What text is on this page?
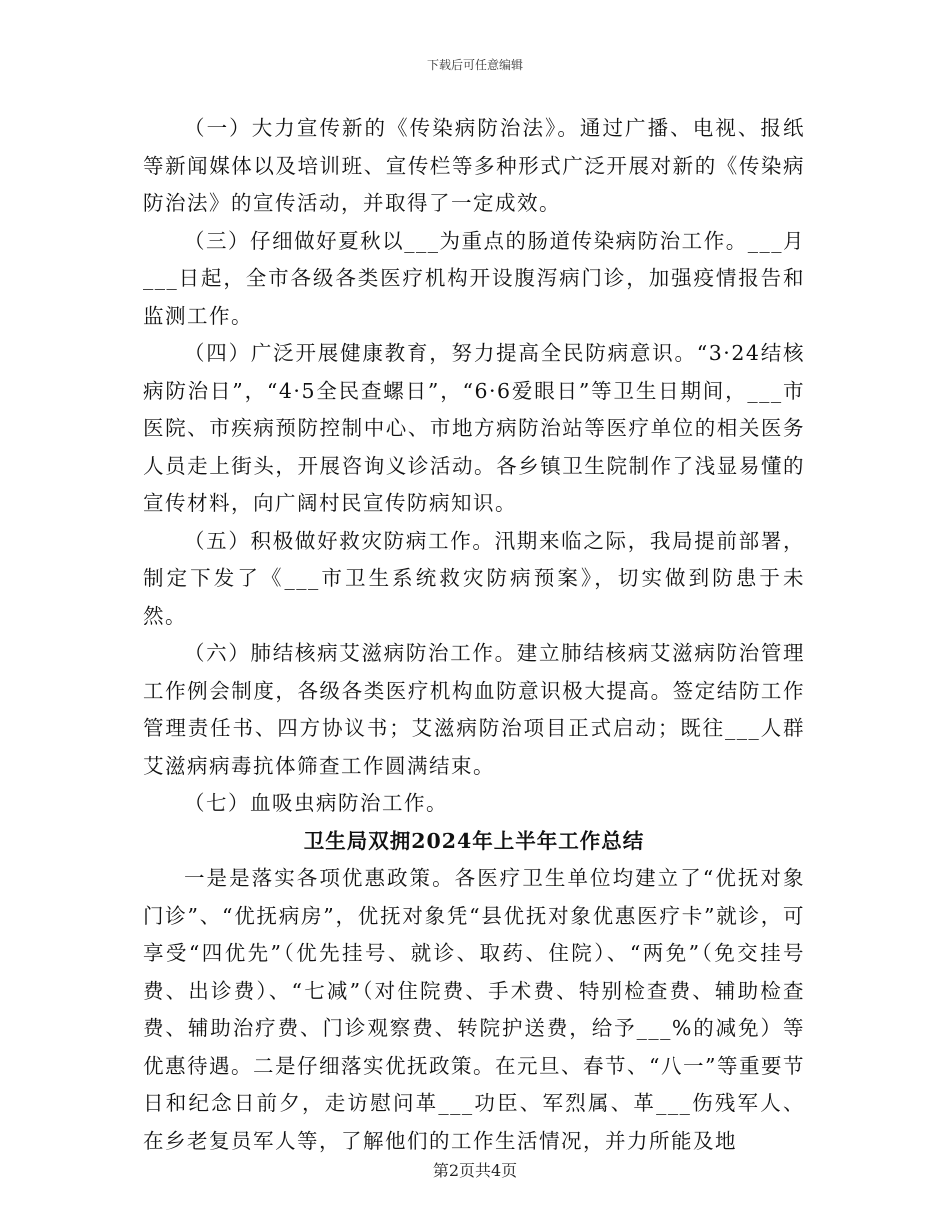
下载后可任意编辑

（一）大力宣传新的《传染病防治法》。通过广播、电视、报纸等新闻媒体以及培训班、宣传栏等多种形式广泛开展对新的《传染病防治法》的宣传活动，并取得了一定成效。

（三）仔细做好夏秋以___为重点的肠道传染病防治工作。___月___日起，全市各级各类医疗机构开设腹泻病门诊，加强疫情报告和监测工作。

（四）广泛开展健康教育，努力提高全民防病意识。“3·24结核病防治日”，“4·5全民查螺日”，“6·6爱眼日”等卫生日期间，___市医院、市疾病预防控制中心、市地方病防治站等医疗单位的相关医务人员走上街头，开展咨询义诊活动。各乡镇卫生院制作了浅显易懂的宣传材料，向广阔村民宣传防病知识。

（五）积极做好救灾防病工作。汛期来临之际，我局提前部署，制定下发了《___市卫生系统救灾防病预案》，切实做到防患于未然。

（六）肺结核病艾滋病防治工作。建立肺结核病艾滋病防治管理工作例会制度，各级各类医疗机构血防意识极大提高。签定结防工作管理责任书、四方协议书；艾滋病防治项目正式启动；既往___人群艾滋病病毒抗体筛查工作圆满结束。

（七）血吸虫病防治工作。

卫生局双拥2024年上半年工作总结

一是是落实各项优惠政策。各医疗卫生单位均建立了“优抚对象门诊”、“优抚病房”，优抚对象凭“县优抚对象优惠医疗卡”就诊，可享受“四优先”（优先挂号、就诊、取药、住院）、“两免”（免交挂号费、出诊费）、“七减”（对住院费、手术费、特别检查费、辅助检查费、辅助治疗费、门诊观察费、转院护送费，给予___%的减免）等优惠待遇。二是仔细落实优抚政策。在元旦、春节、“八一”等重要节日和纪念日前夕，走访慰问革___功臣、军烈属、革___伤残军人、在乡老复员军人等，了解他们的工作生活情况，并力所能及地

第2页共4页
